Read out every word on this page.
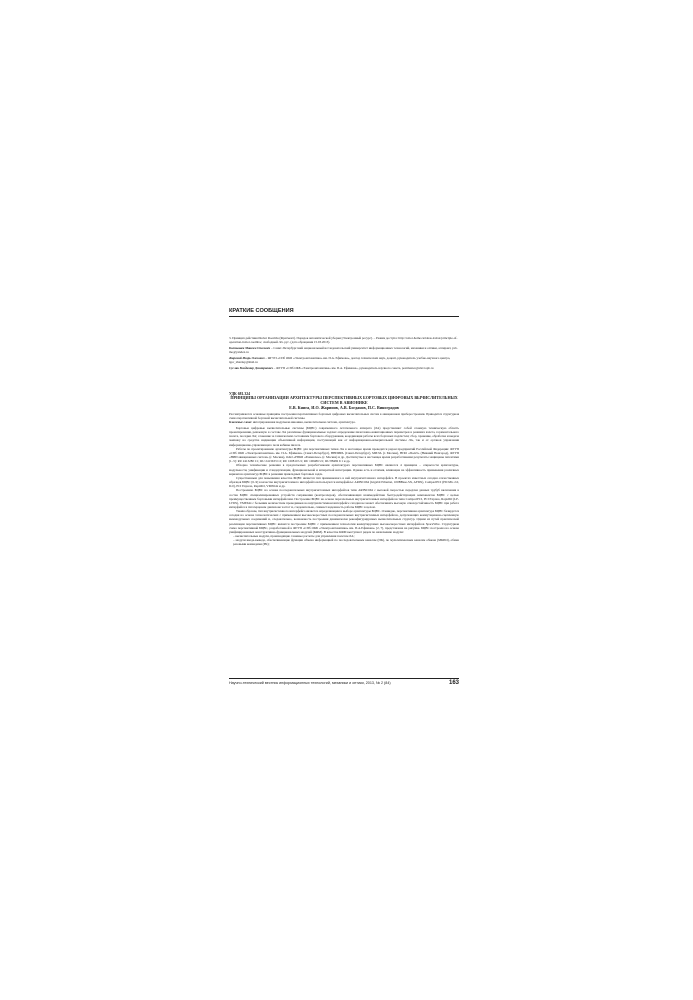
КРАТКИЕ СООБЩЕНИЯ

3. Принцип действия iRobot Roomba (Фрагмент). Порядок автоматической уборки [Электронный ресурс]. – Режим доступа: http://robot-home.ru/ideas-irobot/principle-of-operation-irobot-roomba/, свободный. Яз. рус. (дата обращения 15.03.2013).
Болтышев Максим Олегович – Санкт-Петербургский национальный исследовательский университет информационных технологий, механики и оптики, аспирант, yeb-mo@yandex.ru
Жарский Игорь Олегович – ФГУП «СПб ОКБ «Электроавтоматика» им. П.А. Ефимова», доктор технических наук, доцент, руководитель учебно-научного центра, igor_zharsky@mail.ru
Сусляк Владимир Дмитриевич – ФГУП «СПб ОКБ «Электроавтоматика» им. П.А. Ефимова», руководитель научного совета, postmaster@elavt.spb.ru
УДК 681.324
ПРИНЦИПЫ ОРГАНИЗАЦИИ АРХИТЕКТУРЫ ПЕРСПЕКТИВНЫХ БОРТОВЫХ ЦИФРОВЫХ ВЫЧИСЛИТЕЛЬНЫХ СИСТЕМ В АВИОНИКЕ
Е.В. Книга, И.О. Жарииов, А.В. Богданов, П.С. Виноградов
Рассматриваются основные принципы построения перспективных бортовых цифровых вычислительных систем в авиационном приборостроении. Приводится структурная схема перспективной бортовой вычислительной системы.
Ключевые слова: интегрированная модульная авионика, вычислительная система, архитектура.

Бортовые цифровые вычислительные системы (БЦВС) современного летательного аппарата (ЛА) представляют собой сложную техническую область проектирования, решаемую в составе ЛА различные функциональные задачи: определение пилотажно-навигационных параметров в режимах взлета, горизонтального полета, посадки ЛА; сложение за техническим состоянием бортового оборудования, координация работы всех бортовых подсистем; сбор, хранение, обработка и выдача экипажу на средства индикации объективной информации, поступающей как от информационно-измерительной системы ЛА, так и от органов управления информационно-управляющего поля кабины пилота.

Работы по проектированию архитектуры БЦВС для перспективных типов ЛА в настоящее время проводятся рядом предприятий Российской Федерации: ФГУП «СПб ОКБ «Электроавтоматика» им. П.А. Ефимова» (Санкт-Петербург), ВНИИРА (Санкт-Петербург), МИЭА (г. Москва), НПО «Полёт» (Нижний Новгород), ФГУП «НИИ авиационных систем» (г. Москва), ОАО «РПКБ «Раменское» (г. Москва) и др. Достигнутые в настоящее время разработчиками результаты защищены патентами [1–5]: RU 2413280 C1; RU 2413633 C2; RU 100810 U1; RU 100486 U1; RU 88482 U1 и др.

Обзорно технические решения в предлагаемых разработчиками архитектурах перспективных БЦВС являются 4 принципа – открытости архитектуры, модульности, унификации и стандартизации, функциональной и аппаратной интеграции. Однако есть и отличия, влияющие на эффективность применения различных вариантов архитектур БЦВС в решении прикладных бортовых задач.

Существенным для повышения качества БЦВС является тип применяемого в ней внутрисистемного интерфейса. В проектах известных сегодня отечественных образцов БЦВС [6–9] в качестве внутрисистемного интерфейса используются интерфейсы: ARINC664 (Gigabit Ethernet, 100BBase-SX, AFDX), CompactPCI (PICMG 2.0, D.0), PCI Express, RapidIO, VME64х и др.

Построению БЦВС на основе последовательных внутрисистемных интерфейсов типа ARINC664 с высокой скоростью передачи данных трубуб включения в состав БЦВС специализированных устройств сопряжения (контроллеров), обеспечивающих взаимодействие быстродействующих компонентов БЦВС с целью преимущественным бортовыми интерфейсами. Построение БЦВС на основе параллельных внутрисистемных интерфейсов типа CompactPCI, PCI Express, RapidIO (LP-LVDS), VME64x с большим количеством проводников во внутрисистемном интерфейсе сегодня не может обеспечивать высокую отказоустойчивость БЦВС при работе интерфейса в гигагерцовом диапазоне частот и, следовательно, снижает надежность работы БЦВС в целом.

Таким образом, тип внутрисистемного интерфейса является определяющим в выборе архитектуры БЦВС. Очевидно, перспективная архитектура БЦВС базируется сегодня на основе технологических с применением высокоскоростных последовательных внутрисистемных интерфейсов, допускающих коммутационно-сцепленную межмодульных соединений и, следовательно, возможность построения динамически реконфигурируемых вычислительных структур. Одним из путей практической реализации перспективных БЦВС является построение БЦВС с применением технологии коммутируемых высокоскоростных интерфейсов SpaceWire. Структурная схема перспективной БЦВС, разработанной в ФГУП «СПб ОКБ «Электроавтоматика» им. П.А.Ефимова» [2, 7], представлена на рисунке. БЦВС построена на основе унифицированных конструктивно-функциональных модулей (КФМ). В качестве КФМ выступают рядом по назначению модули:

– вычислительные модули, производящие сложные расчеты для управления полетом ЛА;
– модули ввода-вывода, обеспечивающие функции обмена информацией по последовательным каналам (ПК), по мультиплексным каналам обмена (МКИО), обмен разовыми командами (РК);
Научно-технический вестник информационных технологий, механики и оптики, 2013, № 2 (84)	163
